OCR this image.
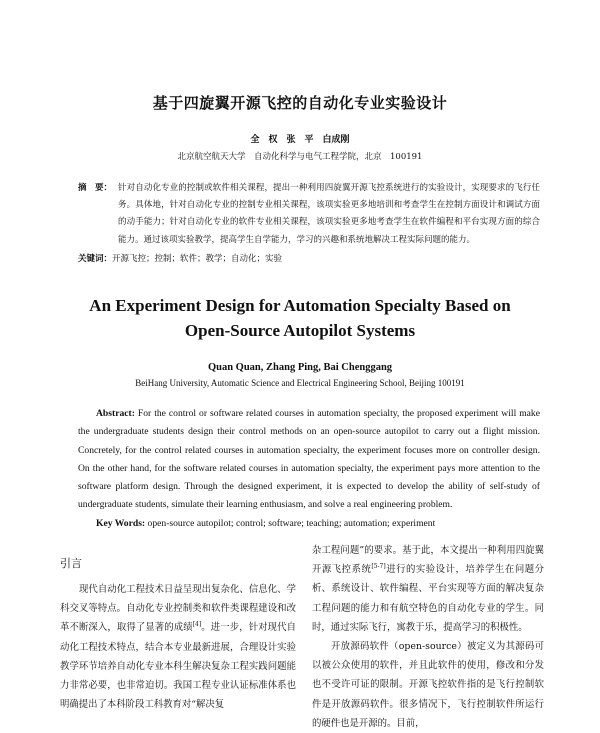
基于四旋翼开源飞控的自动化专业实验设计
全　权　张　平　白成刚
北京航空航天大学　自动化科学与电气工程学院，北京　100191
摘　要： 针对自动化专业的控制或软件相关课程，提出一种利用四旋翼开源飞控系统进行的实验设计，实现要求的飞行任务。具体地，针对自动化专业的控制专业相关课程，该项实验更多地培训和考查学生在控制方面设计和调试方面的动手能力；针对自动化专业的软件专业相关课程，该项实验更多地考查学生在软件编程和平台实现方面的综合能力。通过该项实验教学，提高学生自学能力，学习的兴趣和系统地解决工程实际问题的能力。
关键词：开源飞控；控制；软件；教学；自动化；实验
An Experiment Design for Automation Specialty Based on
Open-Source Autopilot Systems
Quan Quan, Zhang Ping, Bai Chenggang
BeiHang University, Automatic Science and Electrical Engineering School, Beijing 100191

Abstract: For the control or software related courses in automation specialty, the proposed experiment will make the undergraduate students design their control methods on an open-source autopilot to carry out a flight mission. Concretely, for the control related courses in automation specialty, the experiment focuses more on controller design. On the other hand, for the software related courses in automation specialty, the experiment pays more attention to the software platform design. Through the designed experiment, it is expected to develop the ability of self-study of undergraduate students, simulate their learning enthusiasm, and solve a real engineering problem.

Key Words: open-source autopilot; control; software; teaching; automation; experiment
引言

现代自动化工程技术日益呈现出复杂化、信息化、学科交叉等特点。自动化专业控制类和软件类课程建设和改革不断深入，取得了显著的成绩[4]。进一步，针对现代自动化工程技术特点，结合本专业最新进展，合理设计实验教学环节培养自动化专业本科生解决复杂工程实践问题能力非常必要，也非常迫切。我国工程专业认证标准体系也明确提出了本科阶段工科教育对“解决复

杂工程问题”的要求。基于此，本文提出一种利用四旋翼开源飞控系统[5-7]进行的实验设计，培养学生在问题分析、系统设计、软件编程、平台实现等方面的解决复杂工程问题的能力和有航空特色的自动化专业的学生。同时，通过实际飞行，寓教于乐，提高学习的积极性。

开放源码软件（open-source）被定义为其源码可以被公众使用的软件，并且此软件的使用，修改和分发也不受许可证的限制。开源飞控软件指的是飞行控制软件是开放源码软件。很多情况下，飞行控制软件所运行的硬件也是开源的。目前，
